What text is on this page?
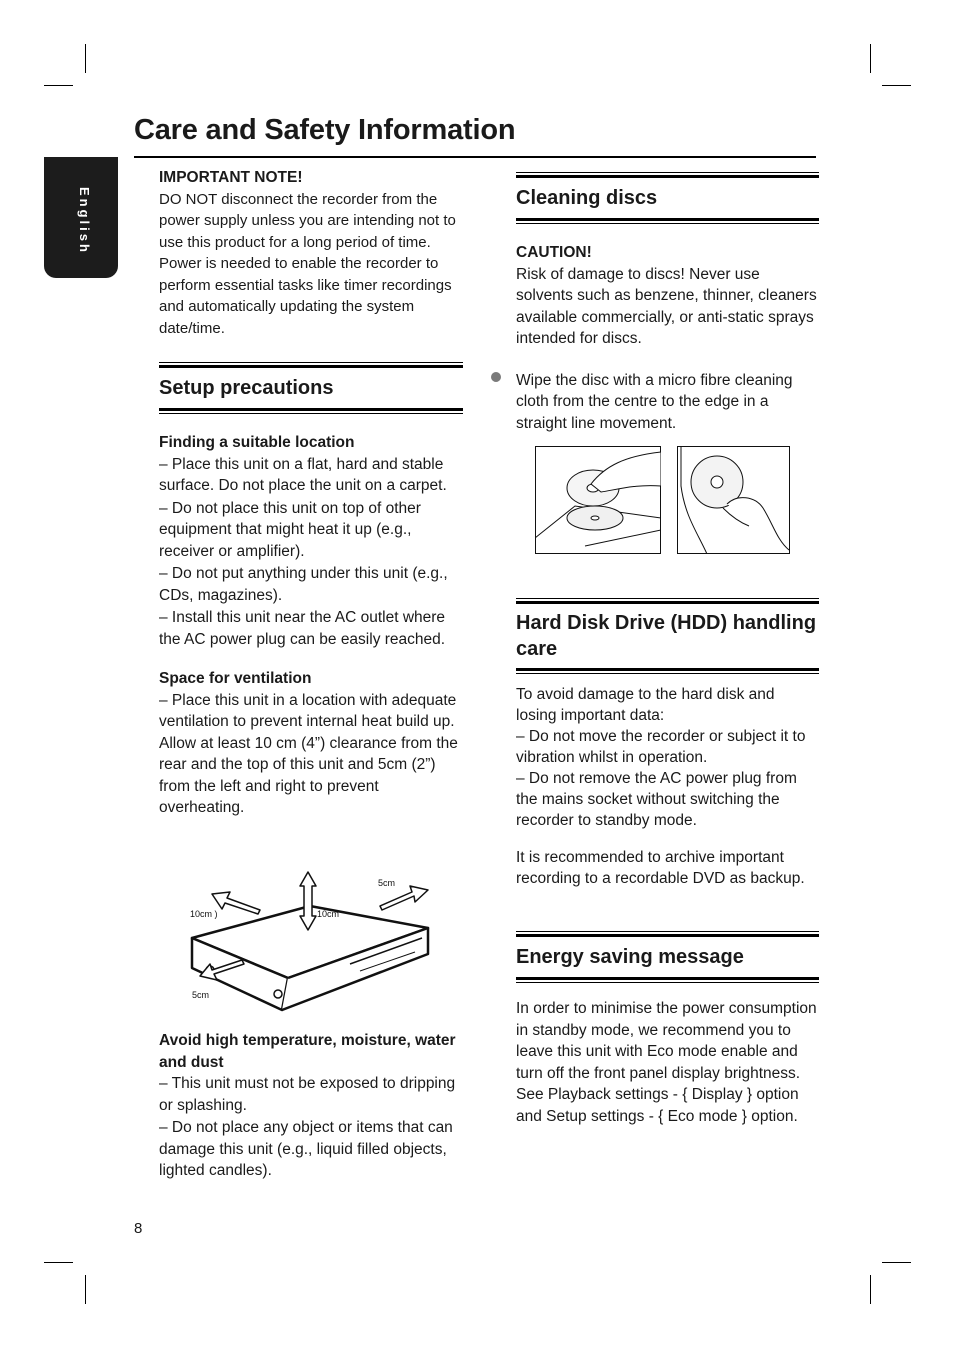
Care and Safety Information
English

IMPORTANT NOTE!

DO NOT disconnect the recorder from the power supply unless you are intending not to use this product for a long period of time. Power is needed to enable the recorder to perform essential tasks like timer recordings and automatically updating the system date/time.

Setup precautions

Finding a suitable location

– Place this unit on a flat, hard and stable surface. Do not place the unit on a carpet.

– Do not place this unit on top of other equipment that might heat it up (e.g., receiver or amplifier).

– Do not put anything under this unit (e.g., CDs, magazines).

– Install this unit near the AC outlet where the AC power plug can be easily reached.

Space for ventilation

– Place this unit in a location with adequate ventilation to prevent internal heat build up. Allow at least 10 cm (4”) clearance from the rear and the top of this unit and 5cm (2”) from the left and right to prevent overheating.

5cm
10cm )	10cm
5cm

Avoid high temperature, moisture, water and dust

– This unit must not be exposed to dripping or splashing.

– Do not place any object or items that can damage this unit (e.g., liquid filled objects, lighted candles).

Cleaning discs

CAUTION!

Risk of damage to discs! Never use solvents such as benzene, thinner, cleaners available commercially, or anti-static sprays intended for discs.

Wipe the disc with a micro fibre cleaning cloth from the centre to the edge in a straight line movement.

Hard Disk Drive (HDD) handling care

To avoid damage to the hard disk and losing important data:

– Do not move the recorder or subject it to vibration whilst in operation.

– Do not remove the AC power plug from the mains socket without switching the recorder to standby mode.

It is recommended to archive important recording to a recordable DVD as backup.

Energy saving message

In order to minimise the power consumption in standby mode, we recommend you to leave this unit with Eco mode enable and turn off the front panel display brightness. See Playback settings - { Display } option and Setup settings - { Eco mode } option.

8
